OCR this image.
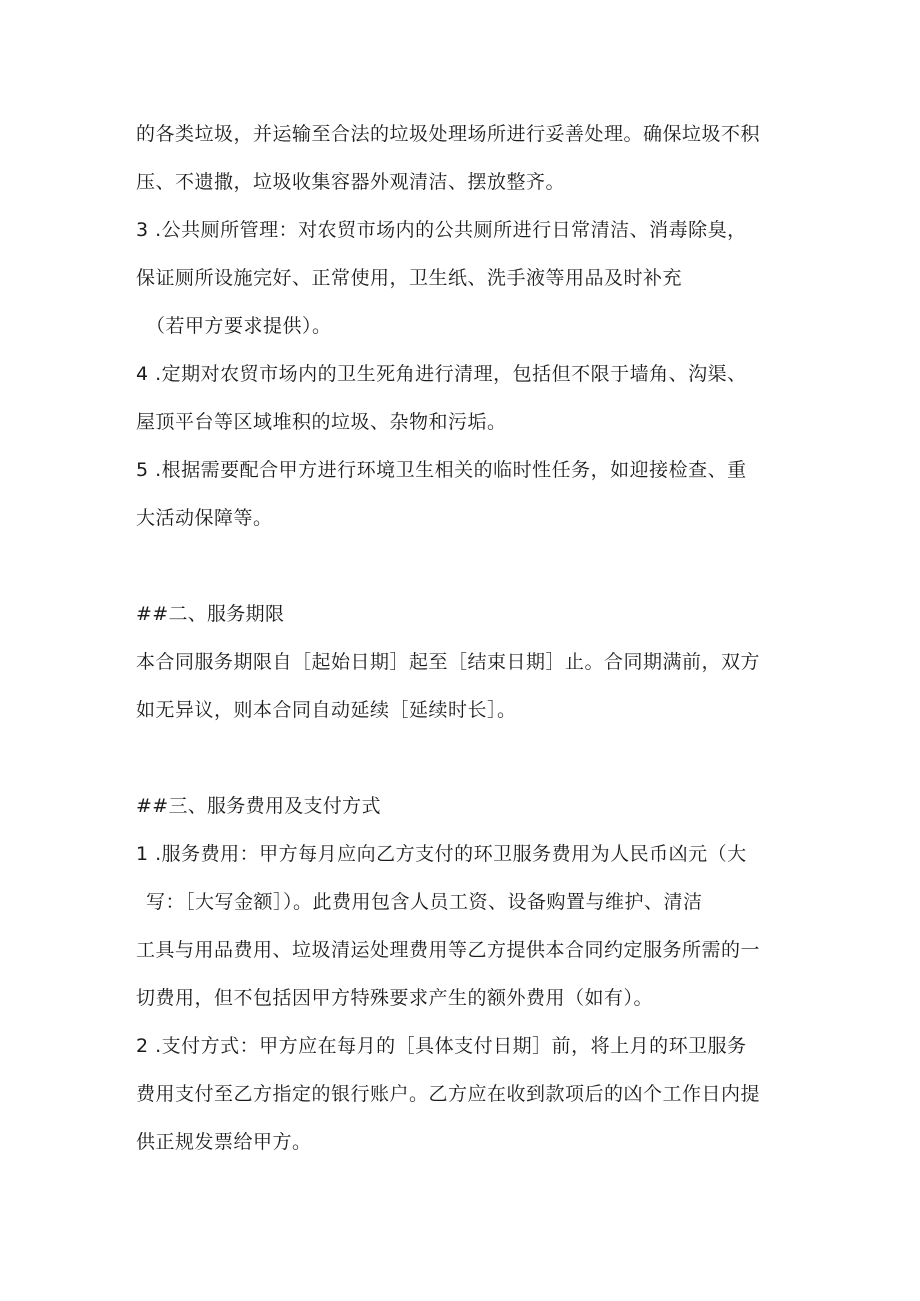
的各类垃圾，并运输至合法的垃圾处理场所进行妥善处理。确保垃圾不积
压、不遗撒，垃圾收集容器外观清洁、摆放整齐。
3 .公共厕所管理：对农贸市场内的公共厕所进行日常清洁、消毒除臭，
保证厕所设施完好、正常使用，卫生纸、洗手液等用品及时补充
（若甲方要求提供）。
4 .定期对农贸市场内的卫生死角进行清理，包括但不限于墙角、沟渠、
屋顶平台等区域堆积的垃圾、杂物和污垢。
5 .根据需要配合甲方进行环境卫生相关的临时性任务，如迎接检查、重
大活动保障等。
##二、服务期限
本合同服务期限自［起始日期］起至［结束日期］止。合同期满前，双方
如无异议，则本合同自动延续［延续时长］。
##三、服务费用及支付方式
1 .服务费用：甲方每月应向乙方支付的环卫服务费用为人民币凶元（大
写：［大写金额］）。此费用包含人员工资、设备购置与维护、清洁
工具与用品费用、垃圾清运处理费用等乙方提供本合同约定服务所需的一
切费用，但不包括因甲方特殊要求产生的额外费用（如有）。
2 .支付方式：甲方应在每月的［具体支付日期］前，将上月的环卫服务
费用支付至乙方指定的银行账户。乙方应在收到款项后的凶个工作日内提
供正规发票给甲方。
